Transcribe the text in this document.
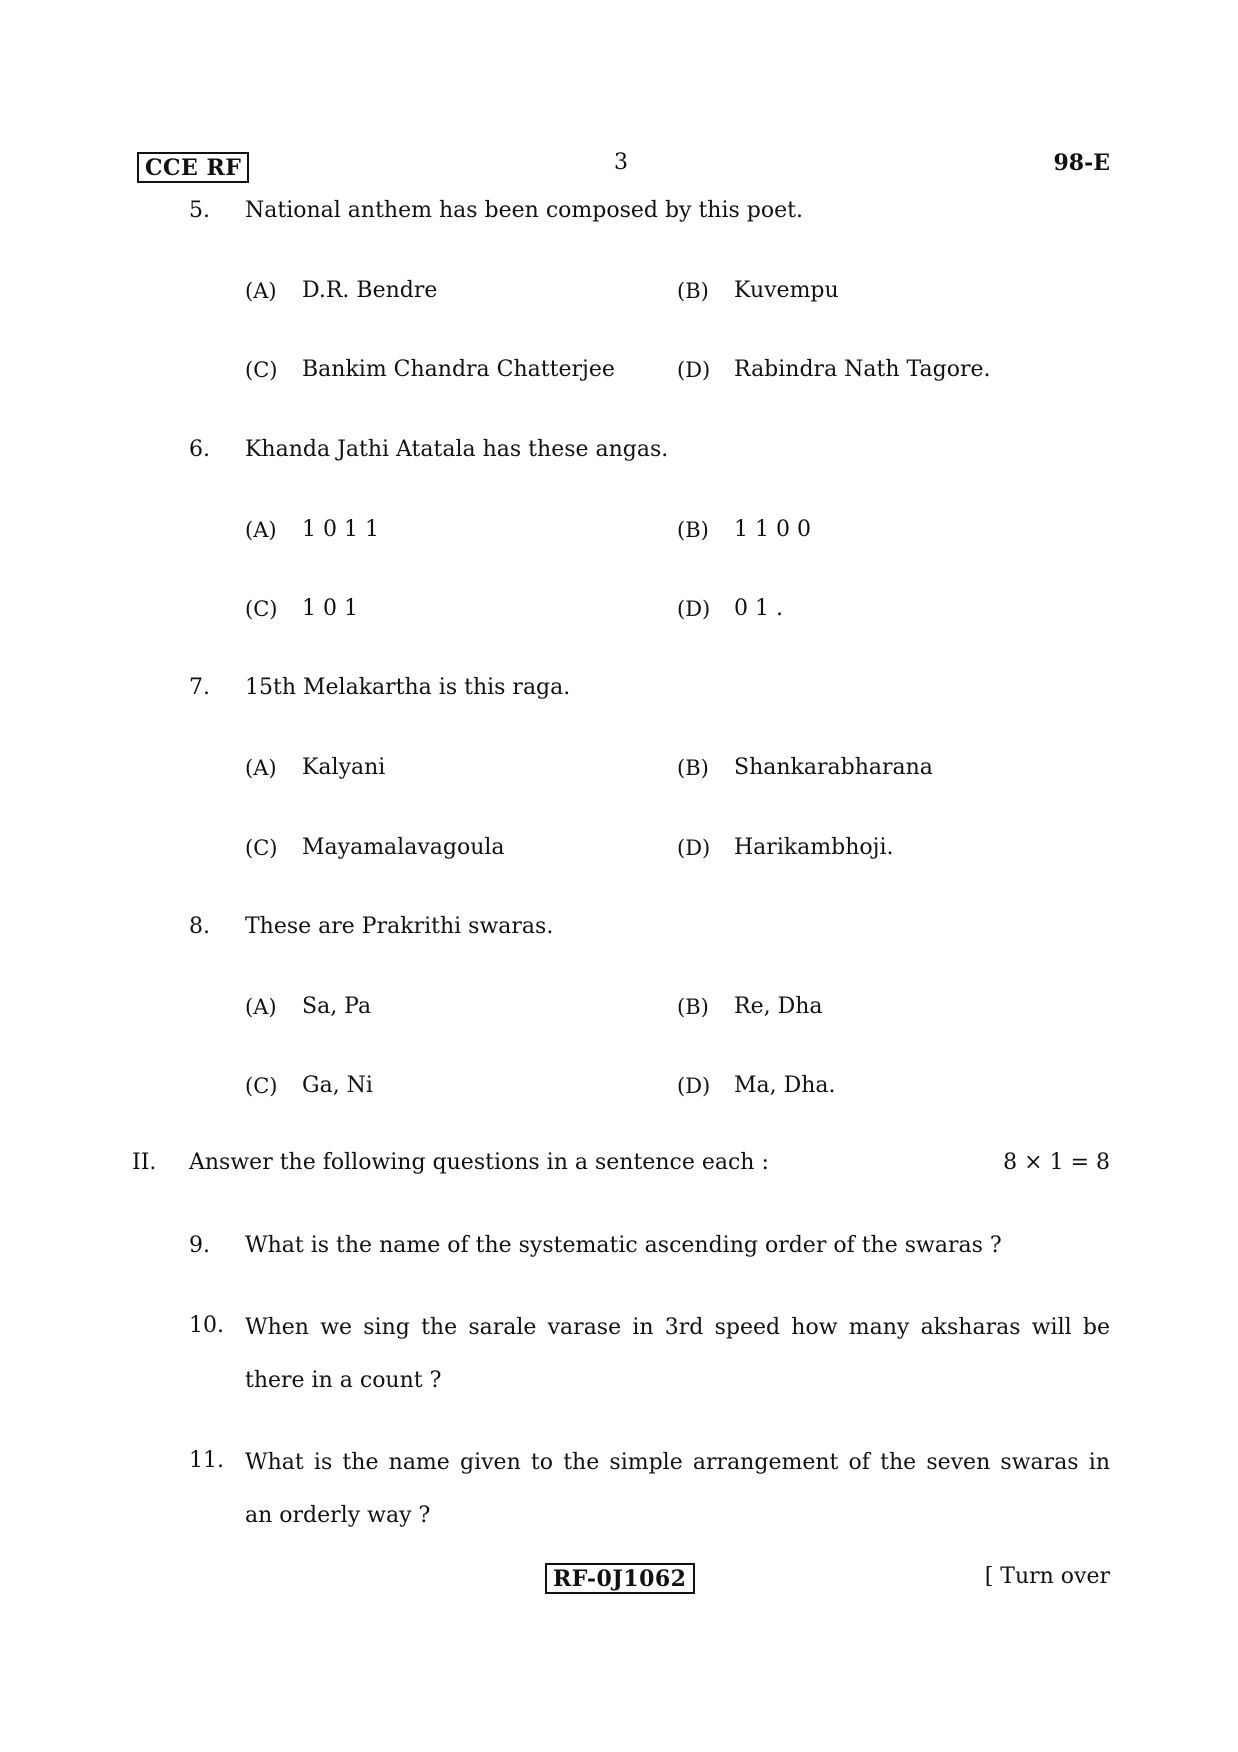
CCE RF	3	98-E
5. National anthem has been composed by this poet.
(A) D.R. Bendre	(B) Kuvempu
(C) Bankim Chandra Chatterjee	(D) Rabindra Nath Tagore.
6. Khanda Jathi Atatala has these angas.
(A) 1 0 1 1	(B) 1 1 0 0
(C) 1 0 1	(D) 0 1 .
7. 15th Melakartha is this raga.
(A) Kalyani	(B) Shankarabharana
(C) Mayamalavagoula	(D) Harikambhoji.
8. These are Prakrithi swaras.
(A) Sa, Pa	(B) Re, Dha
(C) Ga, Ni	(D) Ma, Dha.
II. Answer the following questions in a sentence each :	8 × 1 = 8
9. What is the name of the systematic ascending order of the swaras ?
10. When we sing the sarale varase in 3rd speed how many aksharas will be
there in a count ?
11. What is the name given to the simple arrangement of the seven swaras in
an orderly way ?
RF-0J1062	[ Turn over
